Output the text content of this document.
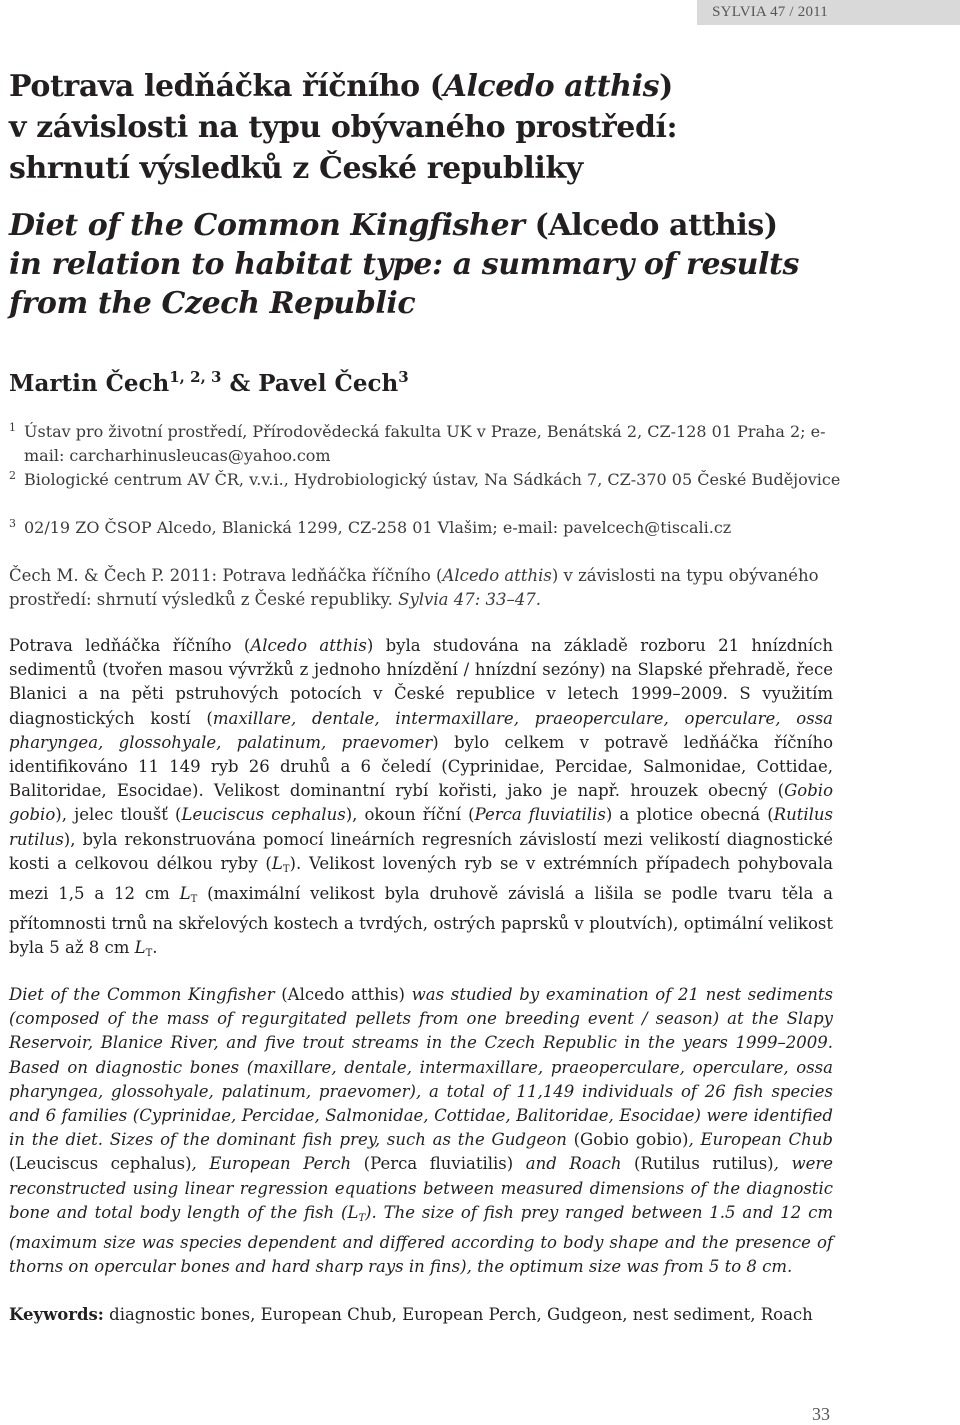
SYLVIA 47 / 2011
Potrava ledňáčka říčního (Alcedo atthis)
v závislosti na typu obývaného prostředí:
shrnutí výsledků z České republiky
Diet of the Common Kingfisher (Alcedo atthis)
in relation to habitat type: a summary of results
from the Czech Republic
Martin Čech$^{1, 2, 3}$ & Pavel Čech$^3$
1 Ústav pro životní prostředí, Přírodovědecká fakulta UK v Praze, Benátská 2, CZ-128 01 Praha 2; e-mail: carcharhinusleucas@yahoo.com
2 Biologické centrum AV ČR, v.v.i., Hydrobiologický ústav, Na Sádkách 7, CZ-370 05 České Budějovice
3 02/19 ZO ČSOP Alcedo, Blanická 1299, CZ-258 01 Vlašim; e-mail: pavelcech@tiscali.cz

Čech M. & Čech P. 2011: Potrava ledňáčka říčního (Alcedo atthis) v závislosti na typu obývaného prostředí: shrnutí výsledků z České republiky. Sylvia 47: 33–47.

Potrava ledňáčka říčního (Alcedo atthis) byla studována na základě rozboru 21 hnízdních sedimentů (tvořen masou vývržků z jednoho hnízdění / hnízdní sezóny) na Slapské přehradě, řece Blanici a na pěti pstruhových potocích v České republice v letech 1999–2009. S využitím diagnostických kostí (maxillare, dentale, intermaxillare, praeoperculare, operculare, ossa pharyngea, glossohyale, palatinum, praevomer) bylo celkem v potravě ledňáčka říčního identifikováno 11 149 ryb 26 druhů a 6 čeledí (Cyprinidae, Percidae, Salmonidae, Cottidae, Balitoridae, Esocidae). Velikost dominantní rybí kořisti, jako je např. hrouzek obecný (Gobio gobio), jelec tloušť (Leuciscus cephalus), okoun říční (Perca fluviatilis) a plotice obecná (Rutilus rutilus), byla rekonstruována pomocí lineárních regresních závislostí mezi velikostí diagnostické kosti a celkovou délkou ryby $(L_T)$. Velikost lovených ryb se v extrémních případech pohybovala mezi 1,5 a 12 cm $L_T$ (maximální velikost byla druhově závislá a lišila se podle tvaru těla a přítomnosti trnů na skřelových kostech a tvrdých, ostrých paprsků v ploutvích), optimální velikost byla 5 až 8 cm $L_T$.

Diet of the Common Kingfisher (Alcedo atthis) was studied by examination of 21 nest sediments (composed of the mass of regurgitated pellets from one breeding event / season) at the Slapy Reservoir, Blanice River, and five trout streams in the Czech Republic in the years 1999–2009. Based on diagnostic bones (maxillare, dentale, intermaxillare, praeoperculare, operculare, ossa pharyngea, glossohyale, palatinum, praevomer), a total of 11,149 individuals of 26 fish species and 6 families (Cyprinidae, Percidae, Salmonidae, Cottidae, Balitoridae, Esocidae) were identified in the diet. Sizes of the dominant fish prey, such as the Gudgeon (Gobio gobio), European Chub (Leuciscus cephalus), European Perch (Perca fluviatilis) and Roach (Rutilus rutilus), were reconstructed using linear regression equations between measured dimensions of the diagnostic bone and total body length of the fish $(L_T)$. The size of fish prey ranged between 1.5 and 12 cm (maximum size was species dependent and differed according to body shape and the presence of thorns on opercular bones and hard sharp rays in fins), the optimum size was from 5 to 8 cm.

Keywords: diagnostic bones, European Chub, European Perch, Gudgeon, nest sediment, Roach

33
